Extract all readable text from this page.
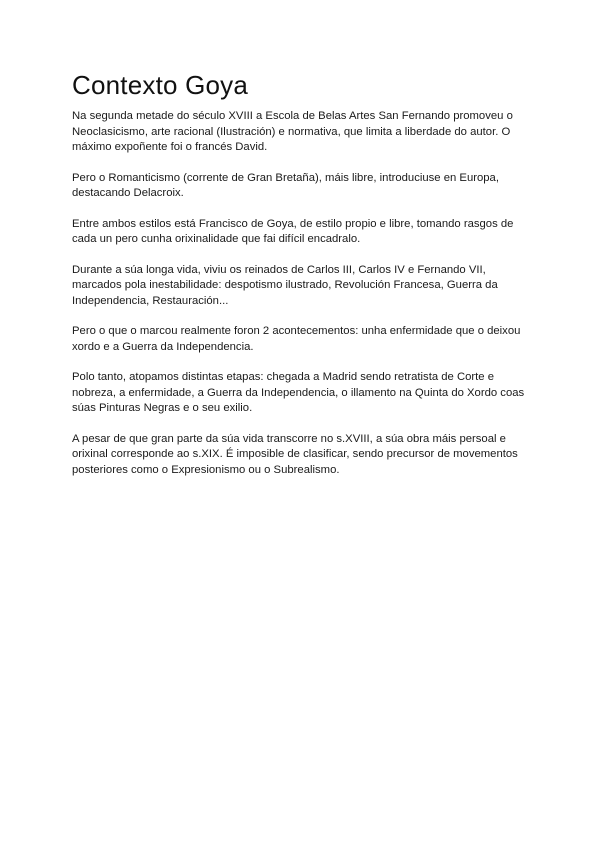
Contexto Goya

Na segunda metade do século XVIII a Escola de Belas Artes San Fernando promoveu o Neoclasicismo, arte racional (Ilustración) e normativa, que limita a liberdade do autor. O máximo expoñente foi o francés David.

Pero o Romanticismo (corrente de Gran Bretaña), máis libre, introduciuse en Europa, destacando Delacroix.

Entre ambos estilos está Francisco de Goya, de estilo propio e libre, tomando rasgos de cada un pero cunha orixinalidade que fai difícil encadralo.

Durante a súa longa vida, viviu os reinados de Carlos III, Carlos IV e Fernando VII, marcados pola inestabilidade: despotismo ilustrado, Revolución Francesa, Guerra da Independencia, Restauración...

Pero o que o marcou realmente foron 2 acontecementos: unha enfermidade que o deixou xordo e a Guerra da Independencia.

Polo tanto, atopamos distintas etapas: chegada a Madrid sendo retratista de Corte e nobreza, a enfermidade, a Guerra da Independencia, o illamento na Quinta do Xordo coas súas Pinturas Negras e o seu exilio.

A pesar de que gran parte da súa vida transcorre no s.XVIII, a súa obra máis persoal e orixinal corresponde ao s.XIX. É imposible de clasificar, sendo precursor de movementos posteriores como o Expresionismo ou o Subrealismo.
